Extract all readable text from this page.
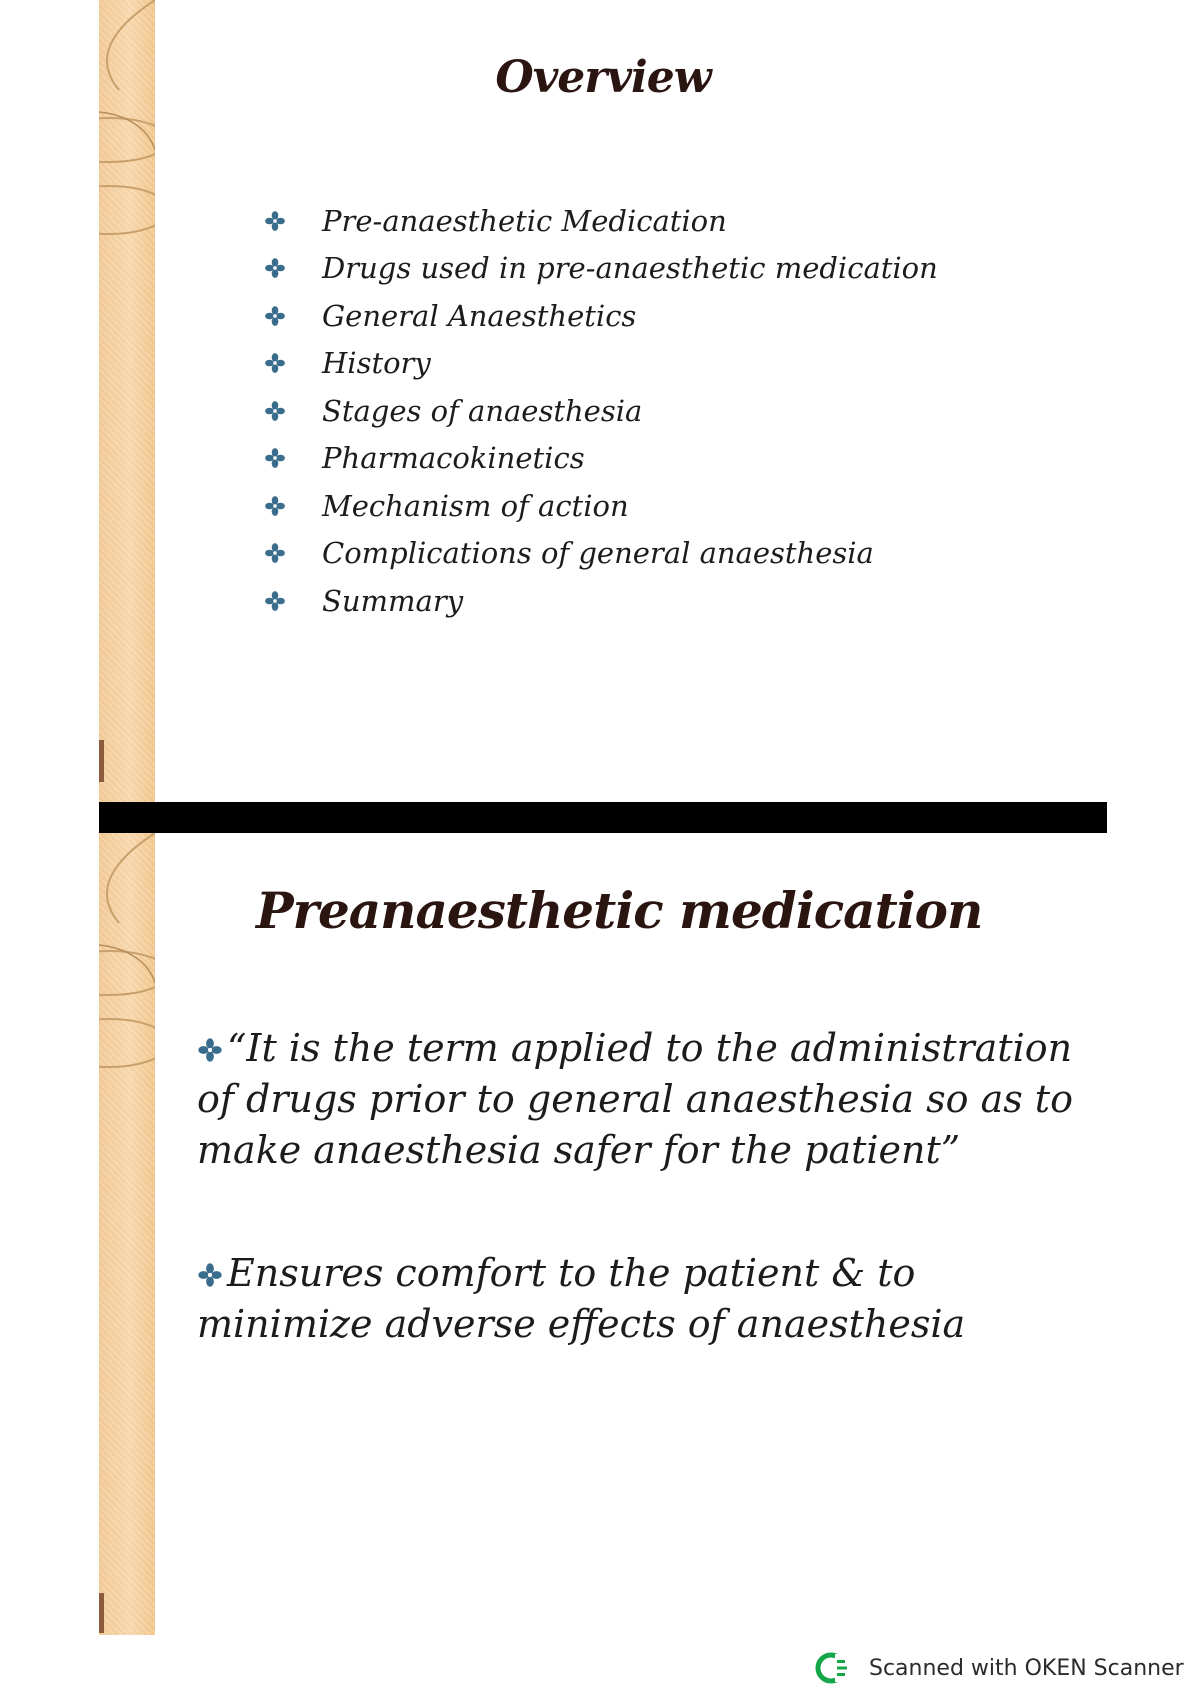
Overview
Pre-anaesthetic Medication
Drugs used in pre-anaesthetic medication
General Anaesthetics
History
Stages of anaesthesia
Pharmacokinetics
Mechanism of action
Complications of general anaesthesia
Summary
Preanaesthetic medication

“It is the term applied to the administration of drugs prior to general anaesthesia so as to make anaesthesia safer for the patient”

Ensures comfort to the patient & to minimize adverse effects of anaesthesia

Scanned with OKEN Scanner
